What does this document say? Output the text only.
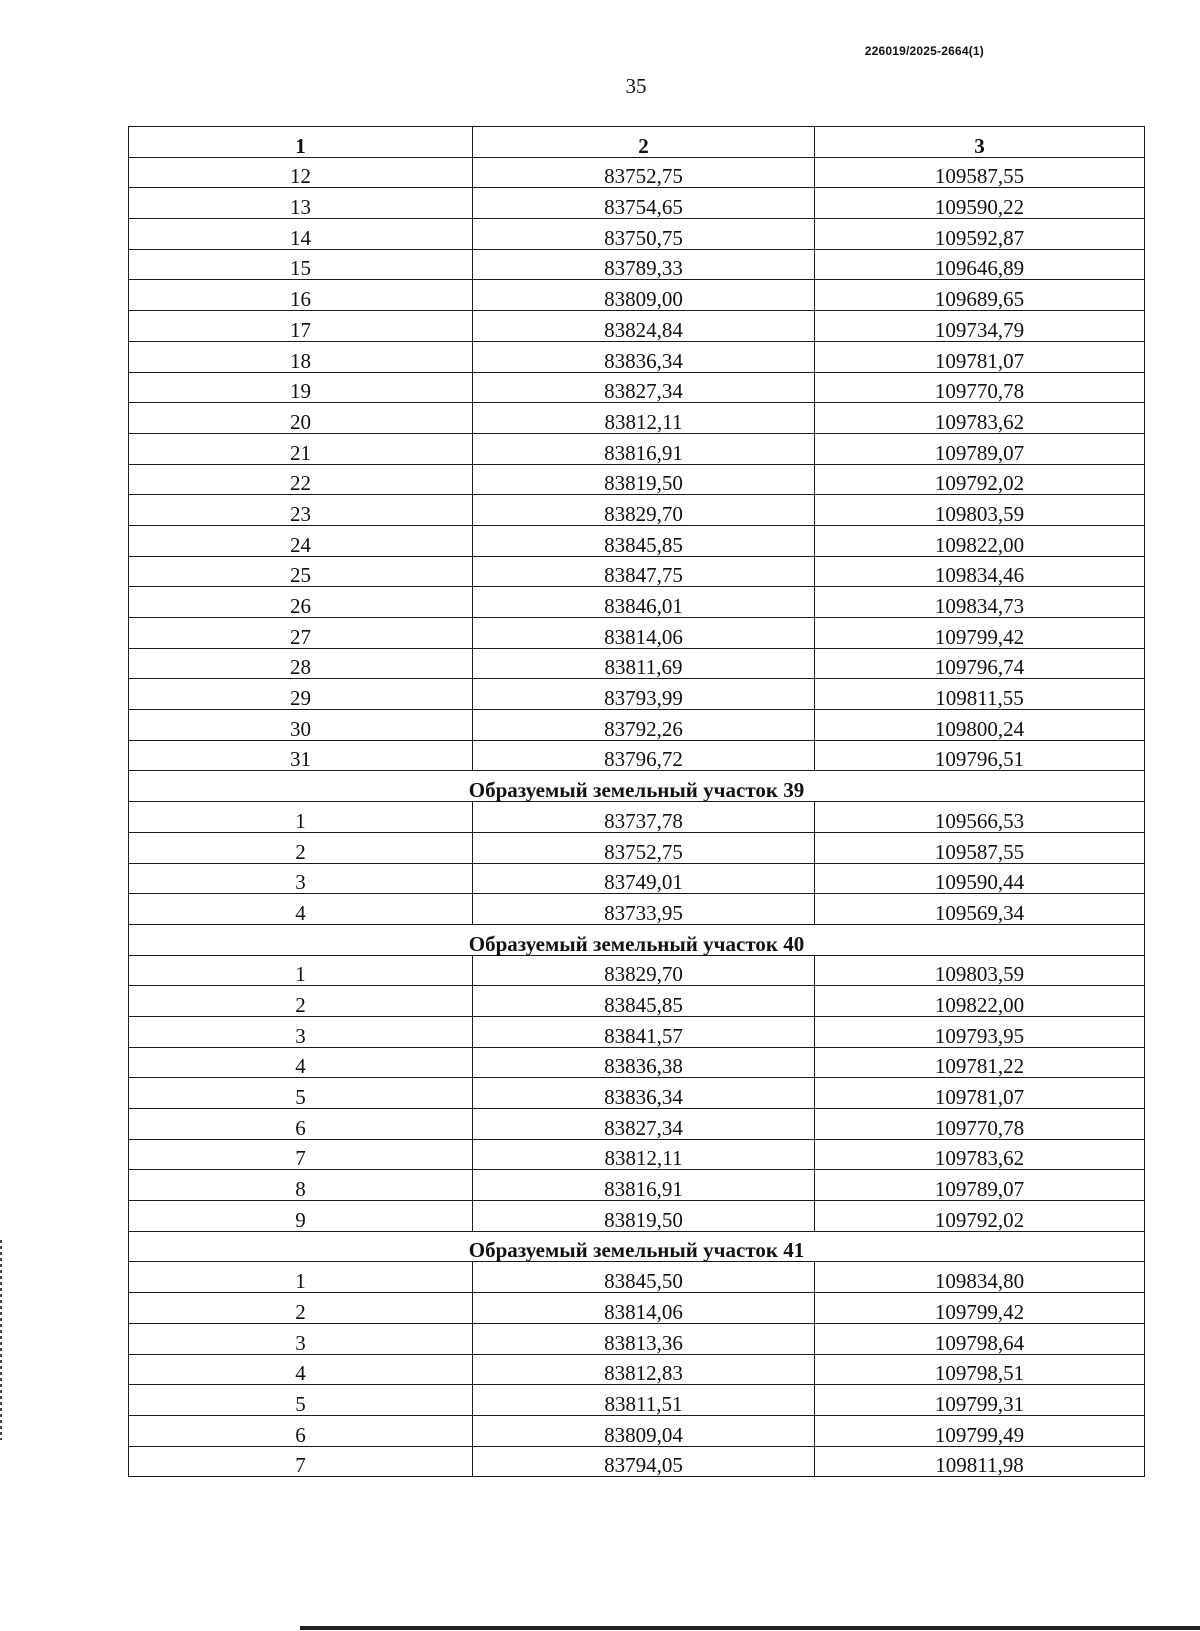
226019/2025-2664(1)
35
1	2	3
12	83752,75	109587,55
13	83754,65	109590,22
14	83750,75	109592,87
15	83789,33	109646,89
16	83809,00	109689,65
17	83824,84	109734,79
18	83836,34	109781,07
19	83827,34	109770,78
20	83812,11	109783,62
21	83816,91	109789,07
22	83819,50	109792,02
23	83829,70	109803,59
24	83845,85	109822,00
25	83847,75	109834,46
26	83846,01	109834,73
27	83814,06	109799,42
28	83811,69	109796,74
29	83793,99	109811,55
30	83792,26	109800,24
31	83796,72	109796,51
Образуемый земельный участок 39		
1	83737,78	109566,53
2	83752,75	109587,55
3	83749,01	109590,44
4	83733,95	109569,34
Образуемый земельный участок 40		
1	83829,70	109803,59
2	83845,85	109822,00
3	83841,57	109793,95
4	83836,38	109781,22
5	83836,34	109781,07
6	83827,34	109770,78
7	83812,11	109783,62
8	83816,91	109789,07
9	83819,50	109792,02
Образуемый земельный участок 41		
1	83845,50	109834,80
2	83814,06	109799,42
3	83813,36	109798,64
4	83812,83	109798,51
5	83811,51	109799,31
6	83809,04	109799,49
7	83794,05	109811,98
